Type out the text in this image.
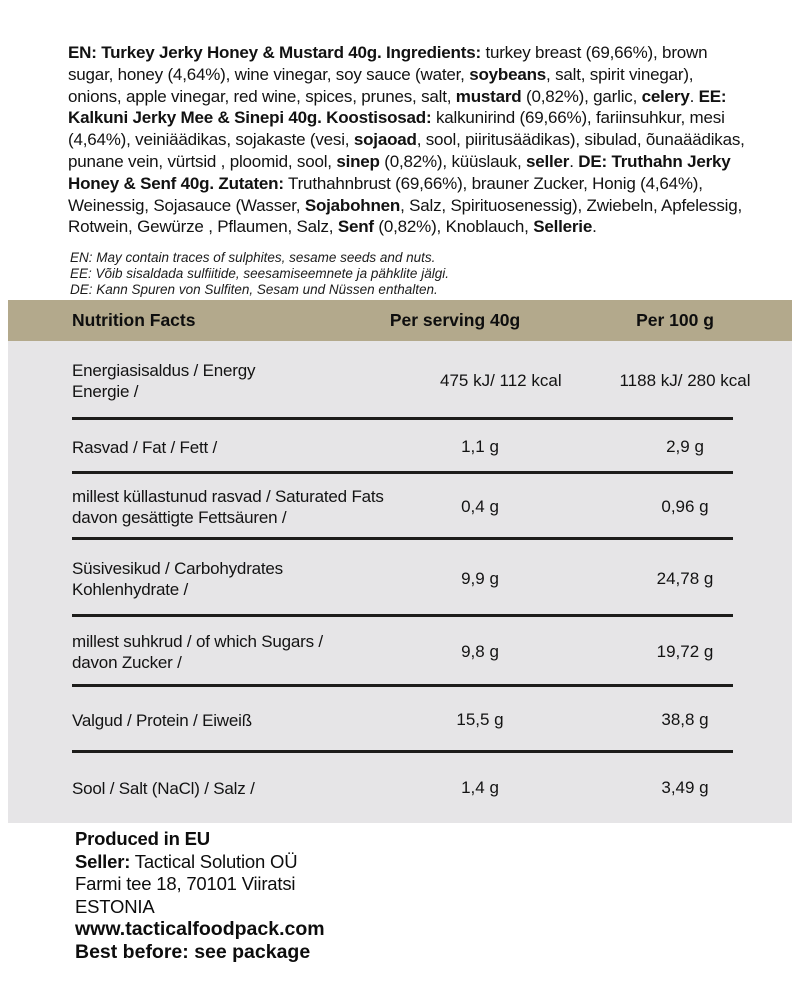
EN: Turkey Jerky Honey & Mustard 40g. Ingredients: turkey breast (69,66%), brown sugar, honey (4,64%), wine vinegar, soy sauce (water, soybeans, salt, spirit vinegar), onions, apple vinegar, red wine, spices, prunes, salt, mustard (0,82%), garlic, celery. EE: Kalkuni Jerky Mee & Sinepi 40g. Koostisosad: kalkunirind (69,66%), fariinsuhkur, mesi (4,64%), veiniäädikas, sojakaste (vesi, sojaoad, sool, piiritusäädikas), sibulad, õunaäädikas, punane vein, vürtsid , ploomid, sool, sinep (0,82%), küüslauk, seller. DE: Truthahn Jerky Honey & Senf 40g. Zutaten: Truthahnbrust (69,66%), brauner Zucker, Honig (4,64%), Weinessig, Sojasauce (Wasser, Sojabohnen, Salz, Spirituosenessig), Zwiebeln, Apfelessig, Rotwein, Gewürze , Pflaumen, Salz, Senf (0,82%), Knoblauch, Sellerie.
EN: May contain traces of sulphites, sesame seeds and nuts.
EE: Võib sisaldada sulfiitide, seesamiseemnete ja pähklite jälgi.
DE: Kann Spuren von Sulfiten, Sesam und Nüssen enthalten.
Nutrition Facts	Per serving 40g	Per 100 g
Energiasisaldus / Energy
Energie /
475 kJ/ 112 kcal	1188 kJ/ 280 kcal
Rasvad / Fat / Fett /	1,1 g	2,9 g
millest küllastunud rasvad / Saturated Fats
davon gesättigte Fettsäuren /
0,4 g	0,96 g
Süsivesikud / Carbohydrates
Kohlenhydrate /
9,9 g	24,78 g
millest suhkrud / of which Sugars /
davon Zucker /
9,8 g	19,72 g
Valgud / Protein / Eiweiß	15,5 g	38,8 g
Sool / Salt (NaCl) / Salz /	1,4 g	3,49 g
Produced in EU
Seller: Tactical Solution OÜ
Farmi tee 18, 70101 Viiratsi
ESTONIA
www.tacticalfoodpack.com
Best before: see package
